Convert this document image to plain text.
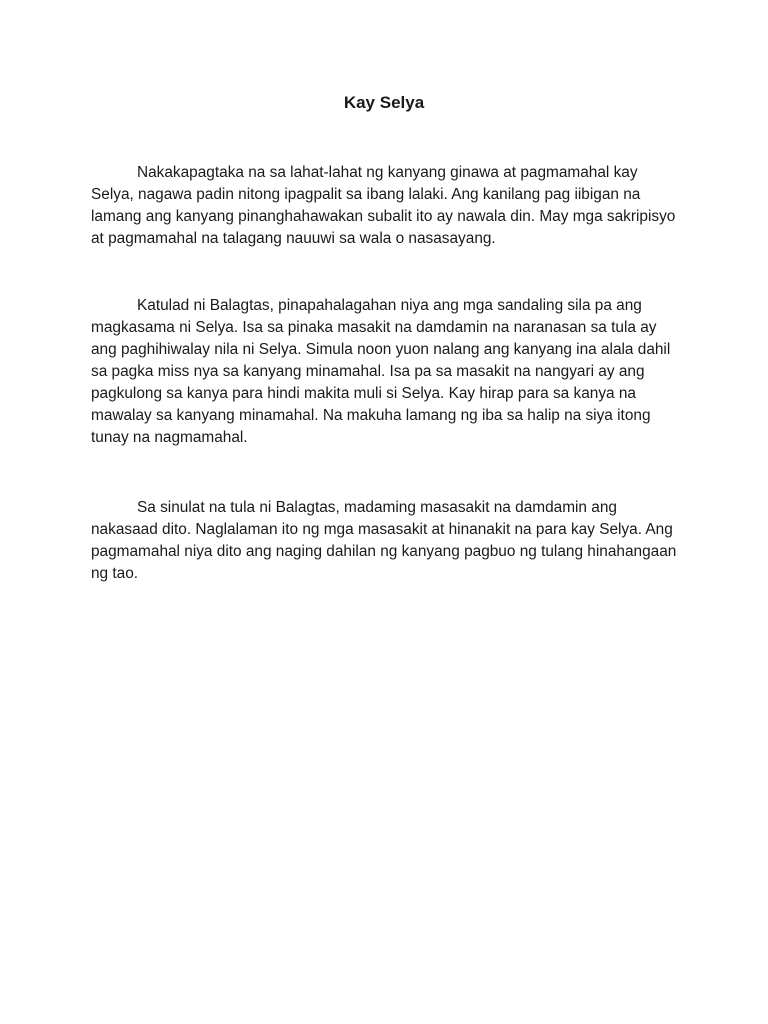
Kay Selya

Nakakapagtaka na sa lahat-lahat ng kanyang ginawa at pagmamahal kay Selya, nagawa padin nitong ipagpalit sa ibang lalaki. Ang kanilang pag iibigan na lamang ang kanyang pinanghahawakan subalit ito ay nawala din. May mga sakripisyo at pagmamahal na talagang nauuwi sa wala o nasasayang.

Katulad ni Balagtas, pinapahalagahan niya ang mga sandaling sila pa ang magkasama ni Selya. Isa sa pinaka masakit na damdamin na naranasan sa tula ay ang paghihiwalay nila ni Selya. Simula noon yuon nalang ang kanyang ina alala dahil sa pagka miss nya sa kanyang minamahal. Isa pa sa masakit na nangyari ay ang pagkulong sa kanya para hindi makita muli si Selya. Kay hirap para sa kanya na mawalay sa kanyang minamahal. Na makuha lamang ng iba sa halip na siya itong tunay na nagmamahal.

Sa sinulat na tula ni Balagtas, madaming masasakit na damdamin ang nakasaad dito. Naglalaman ito ng mga masasakit at hinanakit na para kay Selya. Ang pagmamahal niya dito ang naging dahilan ng kanyang pagbuo ng tulang hinahangaan ng tao.
